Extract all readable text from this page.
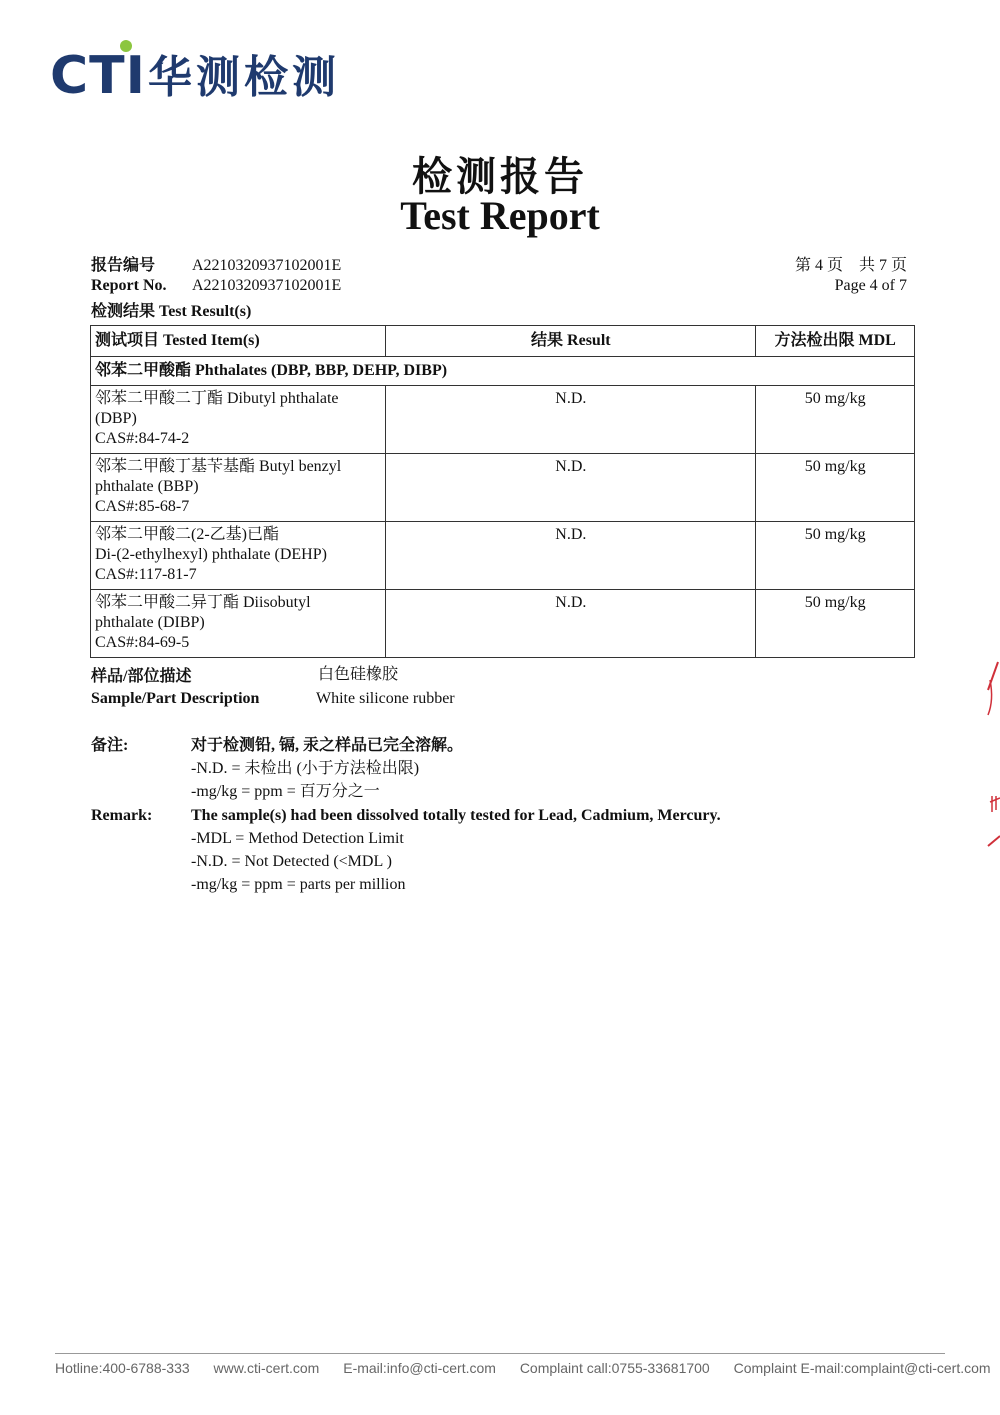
CTI 华测检测
检测报告
Test Report
报告编号 A2210320937102001E
Report No. A2210320937102001E
第 4 页　共 7 页
Page 4 of 7
检测结果 Test Result(s)
测试项目 Tested Item(s)	结果 Result	方法检出限 MDL
邻苯二甲酸酯 Phthalates (DBP, BBP, DEHP, DIBP)		

邻苯二甲酸二丁酯 Dibutyl phthalate
(DBP)
CAS#:84-74-2	N.D.	50 mg/kg

邻苯二甲酸丁基苄基酯 Butyl benzyl
phthalate (BBP)
CAS#:85-68-7	N.D.	50 mg/kg

邻苯二甲酸二(2-乙基)已酯
Di-(2-ethylhexyl) phthalate (DEHP)
CAS#:117-81-7	N.D.	50 mg/kg

邻苯二甲酸二异丁酯 Diisobutyl
phthalate (DIBP)
CAS#:84-69-5	N.D.	50 mg/kg
样品/部位描述	白色硅橡胶
Sample/Part Description	White silicone rubber
备注:	对于检测铅, 镉, 汞之样品已完全溶解。
-N.D. = 未检出 (小于方法检出限)
-mg/kg = ppm = 百万分之一
Remark: The sample(s) had been dissolved totally tested for Lead, Cadmium, Mercury.
-MDL = Method Detection Limit
-N.D. = Not Detected (<MDL )
-mg/kg = ppm = parts per million
Hotline:400-6788-333 www.cti-cert.com E-mail:info@cti-cert.com Complaint call:0755-33681700 Complaint E-mail:complaint@cti-cert.com
